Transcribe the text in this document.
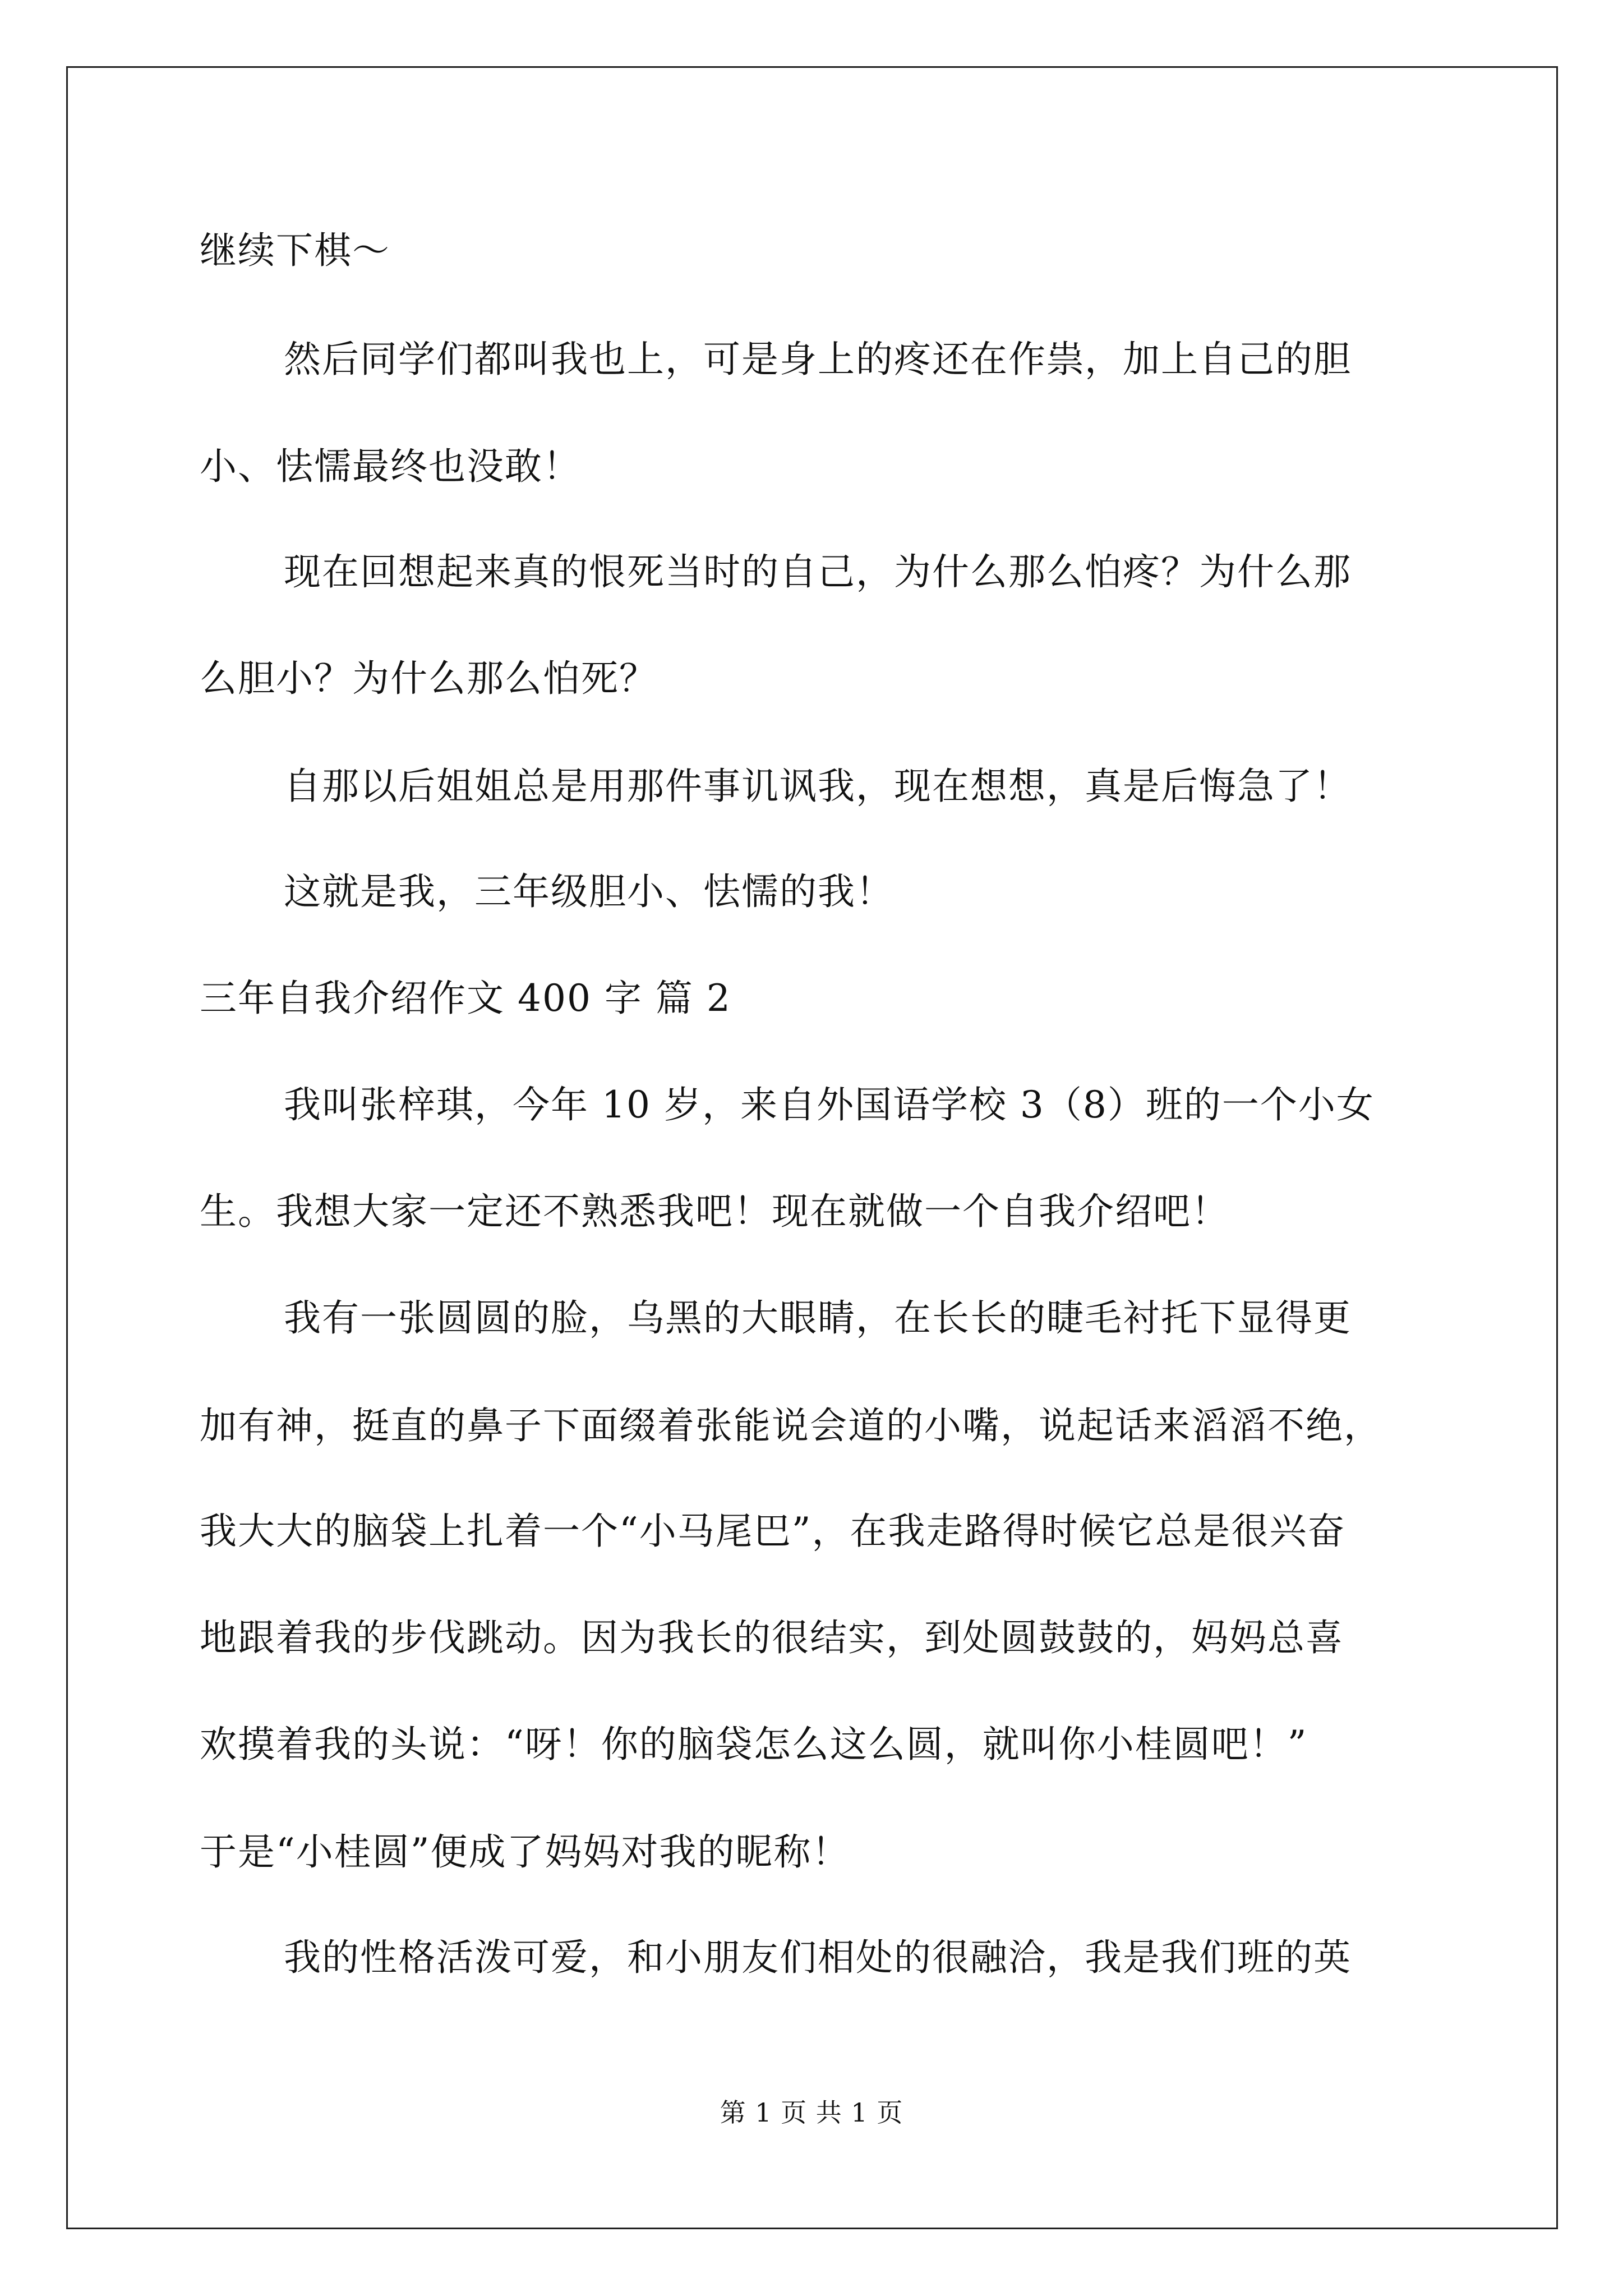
继续下棋～
然后同学们都叫我也上，可是身上的疼还在作祟，加上自己的胆
小、怯懦最终也没敢！
现在回想起来真的恨死当时的自己，为什么那么怕疼？为什么那
么胆小？为什么那么怕死？
自那以后姐姐总是用那件事讥讽我，现在想想，真是后悔急了！
这就是我，三年级胆小、怯懦的我！
三年自我介绍作文 400 字 篇 2
我叫张梓琪，今年 10 岁，来自外国语学校 3（8）班的一个小女
生。我想大家一定还不熟悉我吧！现在就做一个自我介绍吧！
我有一张圆圆的脸，乌黑的大眼睛，在长长的睫毛衬托下显得更
加有神，挺直的鼻子下面缀着张能说会道的小嘴，说起话来滔滔不绝，
我大大的脑袋上扎着一个“小马尾巴”，在我走路得时候它总是很兴奋
地跟着我的步伐跳动。因为我长的很结实，到处圆鼓鼓的，妈妈总喜
欢摸着我的头说：“呀！你的脑袋怎么这么圆，就叫你小桂圆吧！”
于是“小桂圆”便成了妈妈对我的昵称！
我的性格活泼可爱，和小朋友们相处的很融洽，我是我们班的英
第 1 页 共 1 页
